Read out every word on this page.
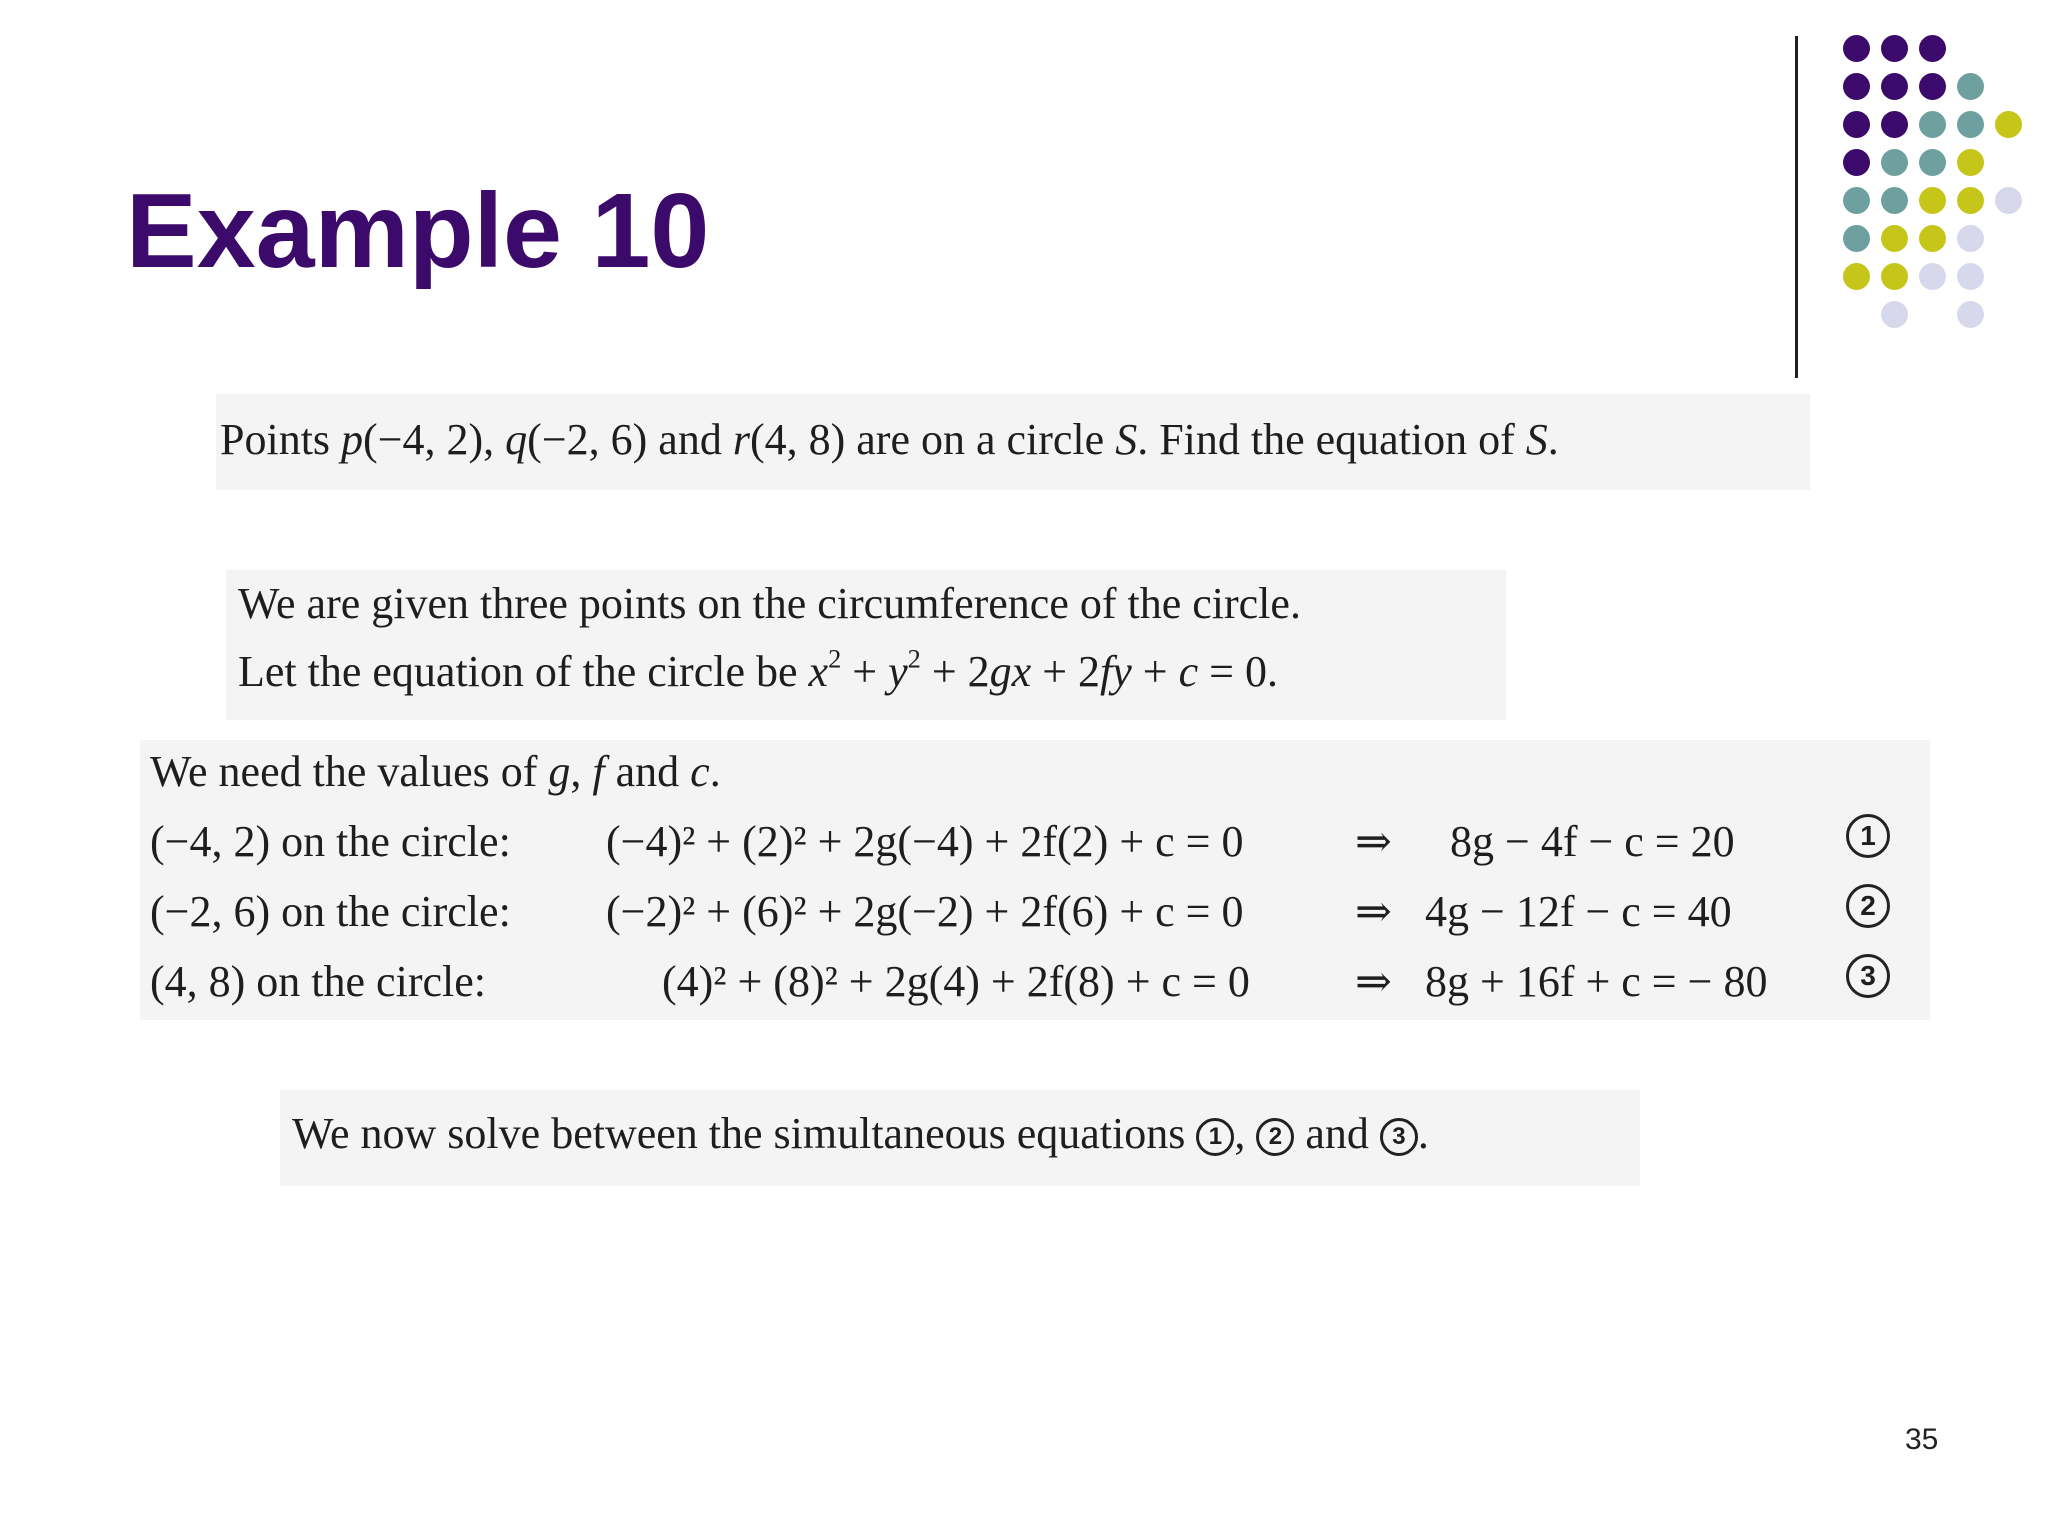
Example 10
Points p(−4, 2), q(−2, 6) and r(4, 8) are on a circle S. Find the equation of S.
We are given three points on the circumference of the circle.
Let the equation of the circle be $x^2 + y^2 + 2gx + 2fy + c = 0$.
We need the values of g, f and c.
(−4, 2) on the circle: (−4)² + (2)² + 2g(−4) + 2f(2) + c = 0	⇒ 8g − 4f − c = 20	1
(−2, 6) on the circle: (−2)² + (6)² + 2g(−2) + 2f(6) + c = 0	⇒ 4g − 12f − c = 40	2
(4, 8) on the circle:	(4)² + (8)² + 2g(4) + 2f(8) + c = 0 ⇒ 8g + 16f + c = − 80	3
We now solve between the simultaneous equations 1 , 2 and 3 .
35
